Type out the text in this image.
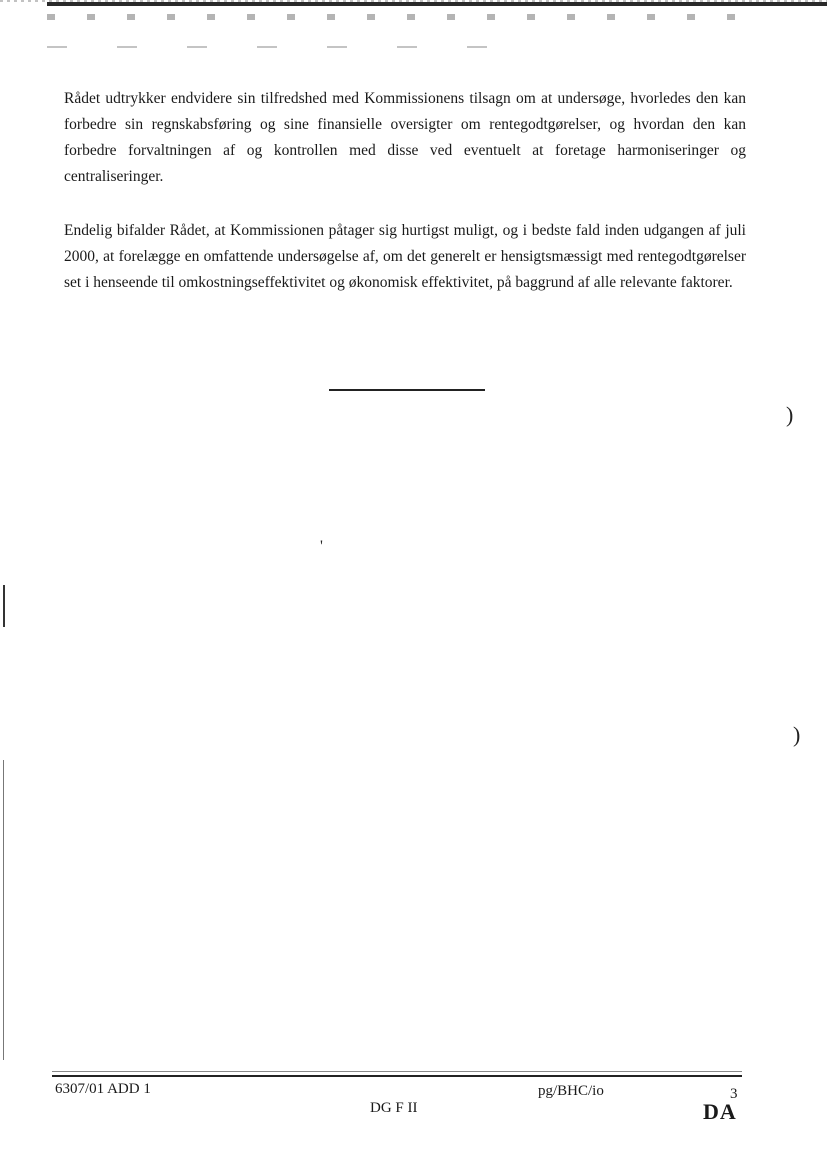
Rådet udtrykker endvidere sin tilfredshed med Kommissionens tilsagn om at undersøge, hvorledes den kan forbedre sin regnskabsføring og sine finansielle oversigter om rentegodtgørelser, og hvordan den kan forbedre forvaltningen af og kontrollen med disse ved eventuelt at foretage harmoniseringer og centraliseringer.

Endelig bifalder Rådet, at Kommissionen påtager sig hurtigst muligt, og i bedste fald inden udgangen af juli 2000, at forelægge en omfattende undersøgelse af, om det generelt er hensigtsmæssigt med rentegodtgørelser set i henseende til omkostningseffektivitet og økonomisk effektivitet, på baggrund af alle relevante faktorer.

)
)
'
6307/01 ADD 1
DG F II
pg/BHC/io	3
DA
